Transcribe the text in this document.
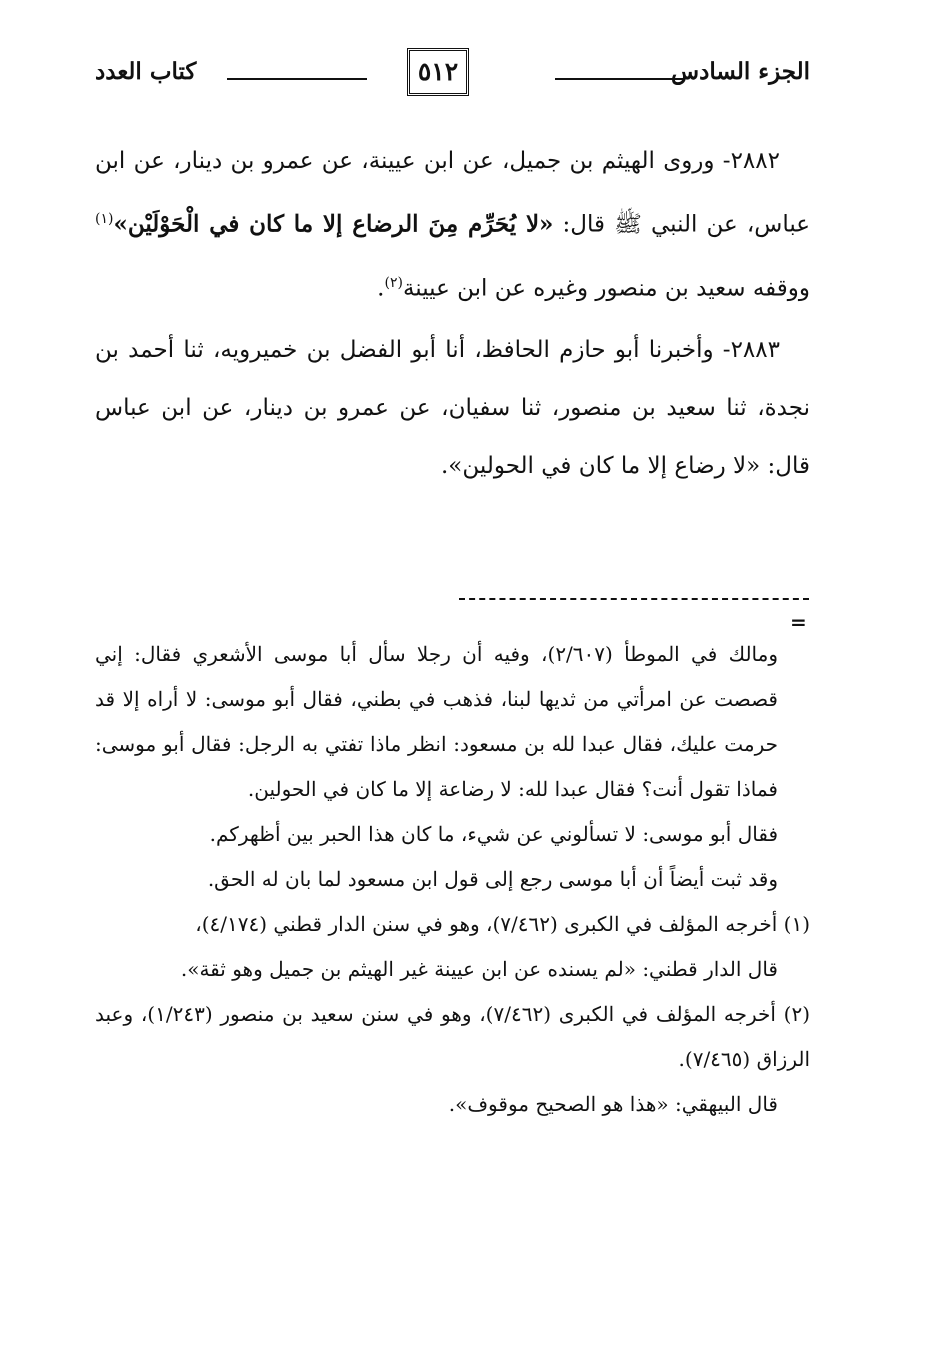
الجزء السادس
٥١٢
كتاب العدد

٢٨٨٢- وروى الهيثم بن جميل، عن ابن عيينة، عن عمرو بن دينار، عن ابن عباس، عن النبي ﷺ قال: «لا يُحَرِّم مِنَ الرضاع إلا ما كان في الْحَوْلَيْن»$^{(١)}$ ووقفه سعيد بن منصور وغيره عن ابن عيينة$^{(٢)}$.

٢٨٨٣- وأخبرنا أبو حازم الحافظ، أنا أبو الفضل بن خميرويه، ثنا أحمد بن نجدة، ثنا سعيد بن منصور، ثنا سفيان، عن عمرو بن دينار، عن ابن عباس قال: «لا رضاع إلا ما كان في الحولين».

=

ومالك في الموطأ (٢/٦٠٧)، وفيه أن رجلا سأل أبا موسى الأشعري فقال: إني قصصت عن امرأتي من ثديها لبنا، فذهب في بطني، فقال أبو موسى: لا أراه إلا قد حرمت عليك، فقال عبدا لله بن مسعود: انظر ماذا تفتي به الرجل: فقال أبو موسى: فماذا تقول أنت؟ فقال عبدا لله: لا رضاعة إلا ما كان في الحولين.

فقال أبو موسى: لا تسألوني عن شيء، ما كان هذا الحبر بين أظهركم.

وقد ثبت أيضاً أن أبا موسى رجع إلى قول ابن مسعود لما بان له الحق.

(١) أخرجه المؤلف في الكبرى (٧/٤٦٢)، وهو في سنن الدار قطني (٤/١٧٤)،

قال الدار قطني: «لم يسنده عن ابن عيينة غير الهيثم بن جميل وهو ثقة».

(٢) أخرجه المؤلف في الكبرى (٧/٤٦٢)، وهو في سنن سعيد بن منصور (١/٢٤٣)، وعبد الرزاق (٧/٤٦٥).

قال البيهقي: «هذا هو الصحيح موقوف».
